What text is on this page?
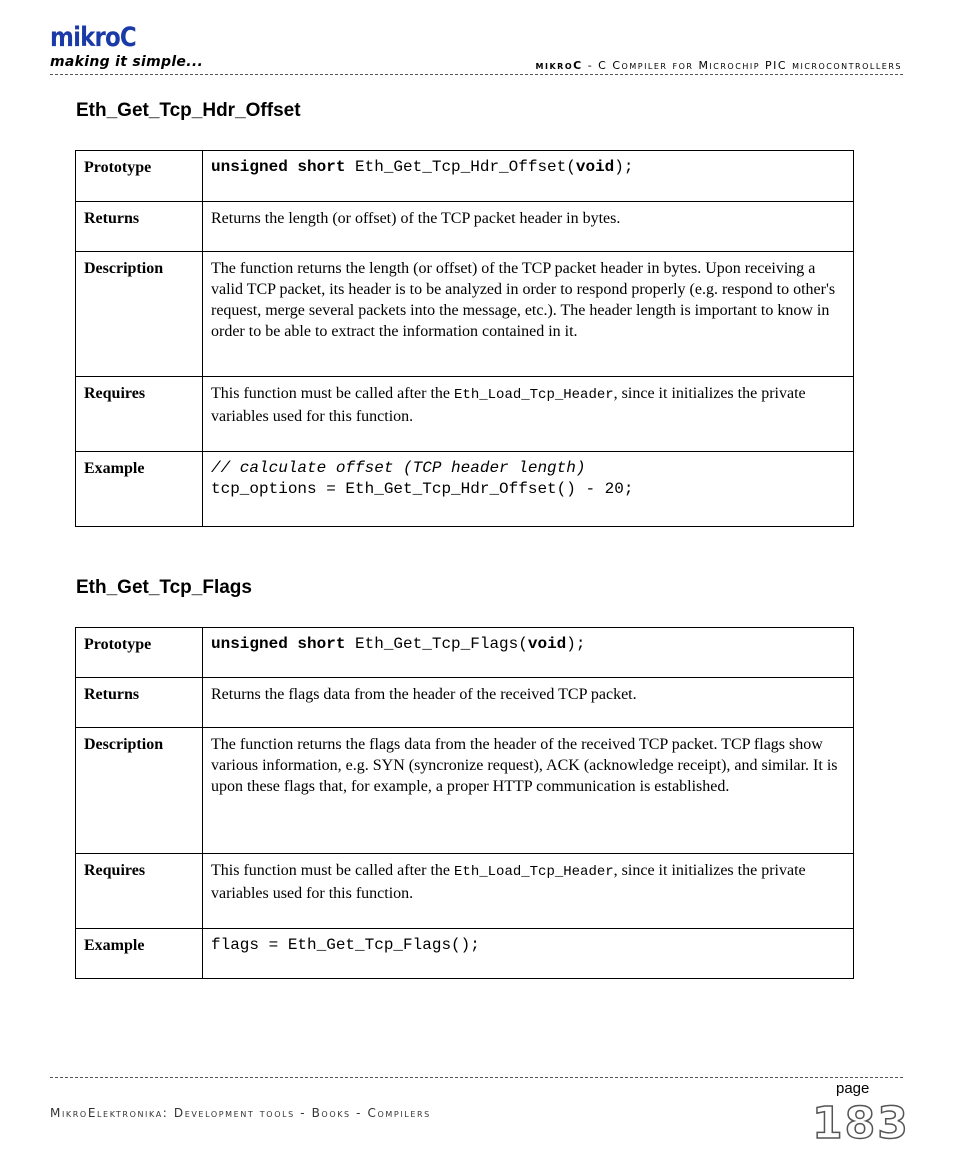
mikroC
making it simple...	mikroC - C Compiler for Microchip PIC microcontrollers
Eth_Get_Tcp_Hdr_Offset
Prototype	unsigned short Eth_Get_Tcp_Hdr_Offset(void);
Returns	Returns the length (or offset) of the TCP packet header in bytes.
Description	The function returns the length (or offset) of the TCP packet header in bytes. Upon receiving a valid TCP packet, its header is to be analyzed in order to respond properly (e.g. respond to other's request, merge several packets into the message, etc.). The header length is important to know in order to be able to extract the information contained in it.
Requires	This function must be called after the Eth_Load_Tcp_Header, since it initializes the private variables used for this function.
Example	// calculate offset (TCP header length)
tcp_options = Eth_Get_Tcp_Hdr_Offset() - 20;
Eth_Get_Tcp_Flags
Prototype	unsigned short Eth_Get_Tcp_Flags(void);
Returns	Returns the flags data from the header of the received TCP packet.
Description	The function returns the flags data from the header of the received TCP packet. TCP flags show various information, e.g. SYN (syncronize request), ACK (acknowledge receipt), and similar. It is upon these flags that, for example, a proper HTTP communication is established.
Requires	This function must be called after the Eth_Load_Tcp_Header, since it initializes the private variables used for this function.
Example	flags = Eth_Get_Tcp_Flags();
page
MikroElektronika: Development tools - Books - Compilers	183
